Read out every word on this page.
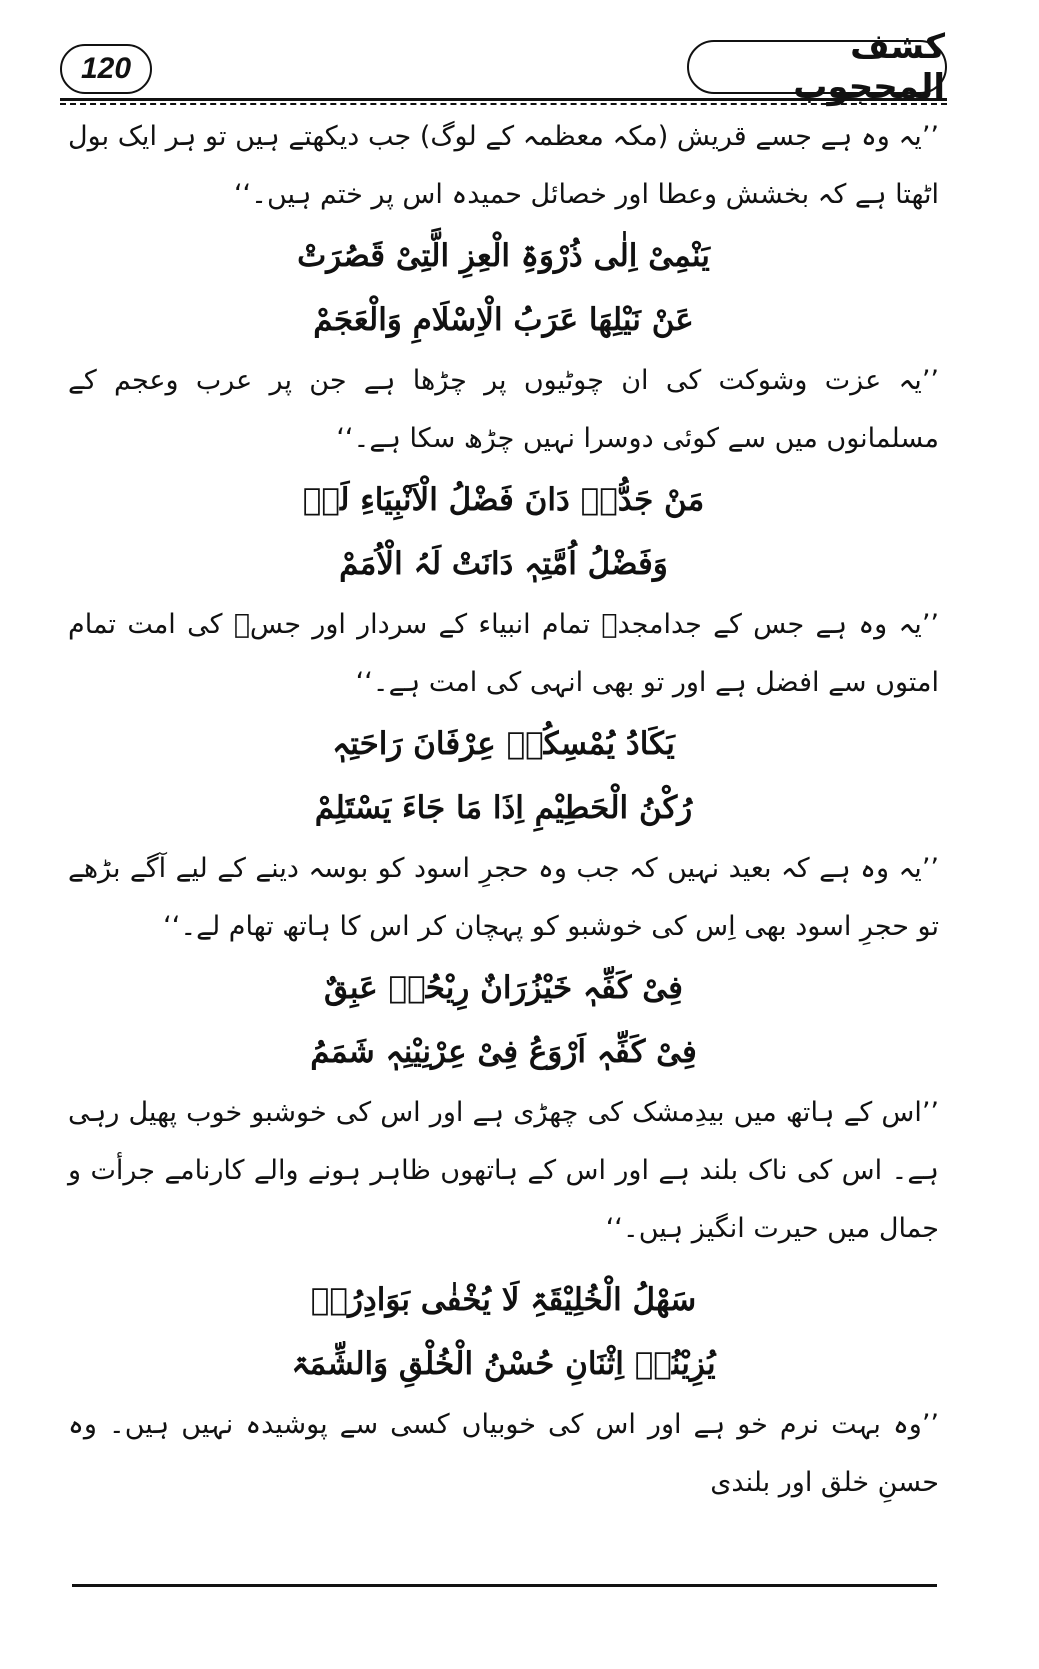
120
کشف المحجوب

’’یہ وہ ہے جسے قریش (مکہ معظمہ کے لوگ) جب دیکھتے ہیں تو ہر ایک بول اٹھتا ہے کہ بخشش وعطا اور خصائل حمیدہ اس پر ختم ہیں۔‘‘

یَنْمِیْ اِلٰی ذُرْوَۃِ الْعِزِ الَّتِیْ قَصُرَتْ

عَنْ نَیْلِھَا عَرَبُ الْاِسْلَامِ وَالْعَجَمْ

’’یہ عزت وشوکت کی ان چوٹیوں پر چڑھا ہے جن پر عرب وعجم کے مسلمانوں میں سے کوئی دوسرا نہیں چڑھ سکا ہے۔‘‘

مَنْ جَدُّہٗ دَانَ فَضْلُ الْاَنْبِیَاءِ لَہٗ

وَفَضْلُ اُمَّتِہٖ دَانَتْ لَہُ الْاُمَمْ

’’یہ وہ ہے جس کے جدامجدؐ تمام انبیاء کے سردار اور جسؐ کی امت تمام امتوں سے افضل ہے اور تو بھی انہی کی امت ہے۔‘‘

یَکَادُ یُمْسِکُہٗ عِرْفَانَ رَاحَتِہٖ

رُکْنُ الْحَطِیْمِ اِذَا مَا جَاءَ یَسْتَلِمْ

’’یہ وہ ہے کہ بعید نہیں کہ جب وہ حجرِ اسود کو بوسہ دینے کے لیے آگے بڑھے تو حجرِ اسود بھی اِس کی خوشبو کو پہچان کر اس کا ہاتھ تھام لے۔‘‘

فِیْ کَفِّہٖ خَیْزُرَانٌ رِیْحُہٗ عَبِقٌ

فِیْ کَفِّہٖ اَرْوَعُ فِیْ عِرْنِیْنِہٖ شَمَمُ

’’اس کے ہاتھ میں بیدِمشک کی چھڑی ہے اور اس کی خوشبو خوب پھیل رہی ہے۔ اس کی ناک بلند ہے اور اس کے ہاتھوں ظاہر ہونے والے کارنامے جرأت و جمال میں حیرت انگیز ہیں۔‘‘

سَھْلُ الْخُلِیْقَۃِ لَا یُخْفٰی بَوَادِرُہٗ

یُزِیْنُہٗ اِثْنَانِ حُسْنُ الْخُلْقِ وَالشِّمَۃ

’’وہ بہت نرم خو ہے اور اس کی خوبیاں کسی سے پوشیدہ نہیں ہیں۔ وہ حسنِ خلق اور بلندی
